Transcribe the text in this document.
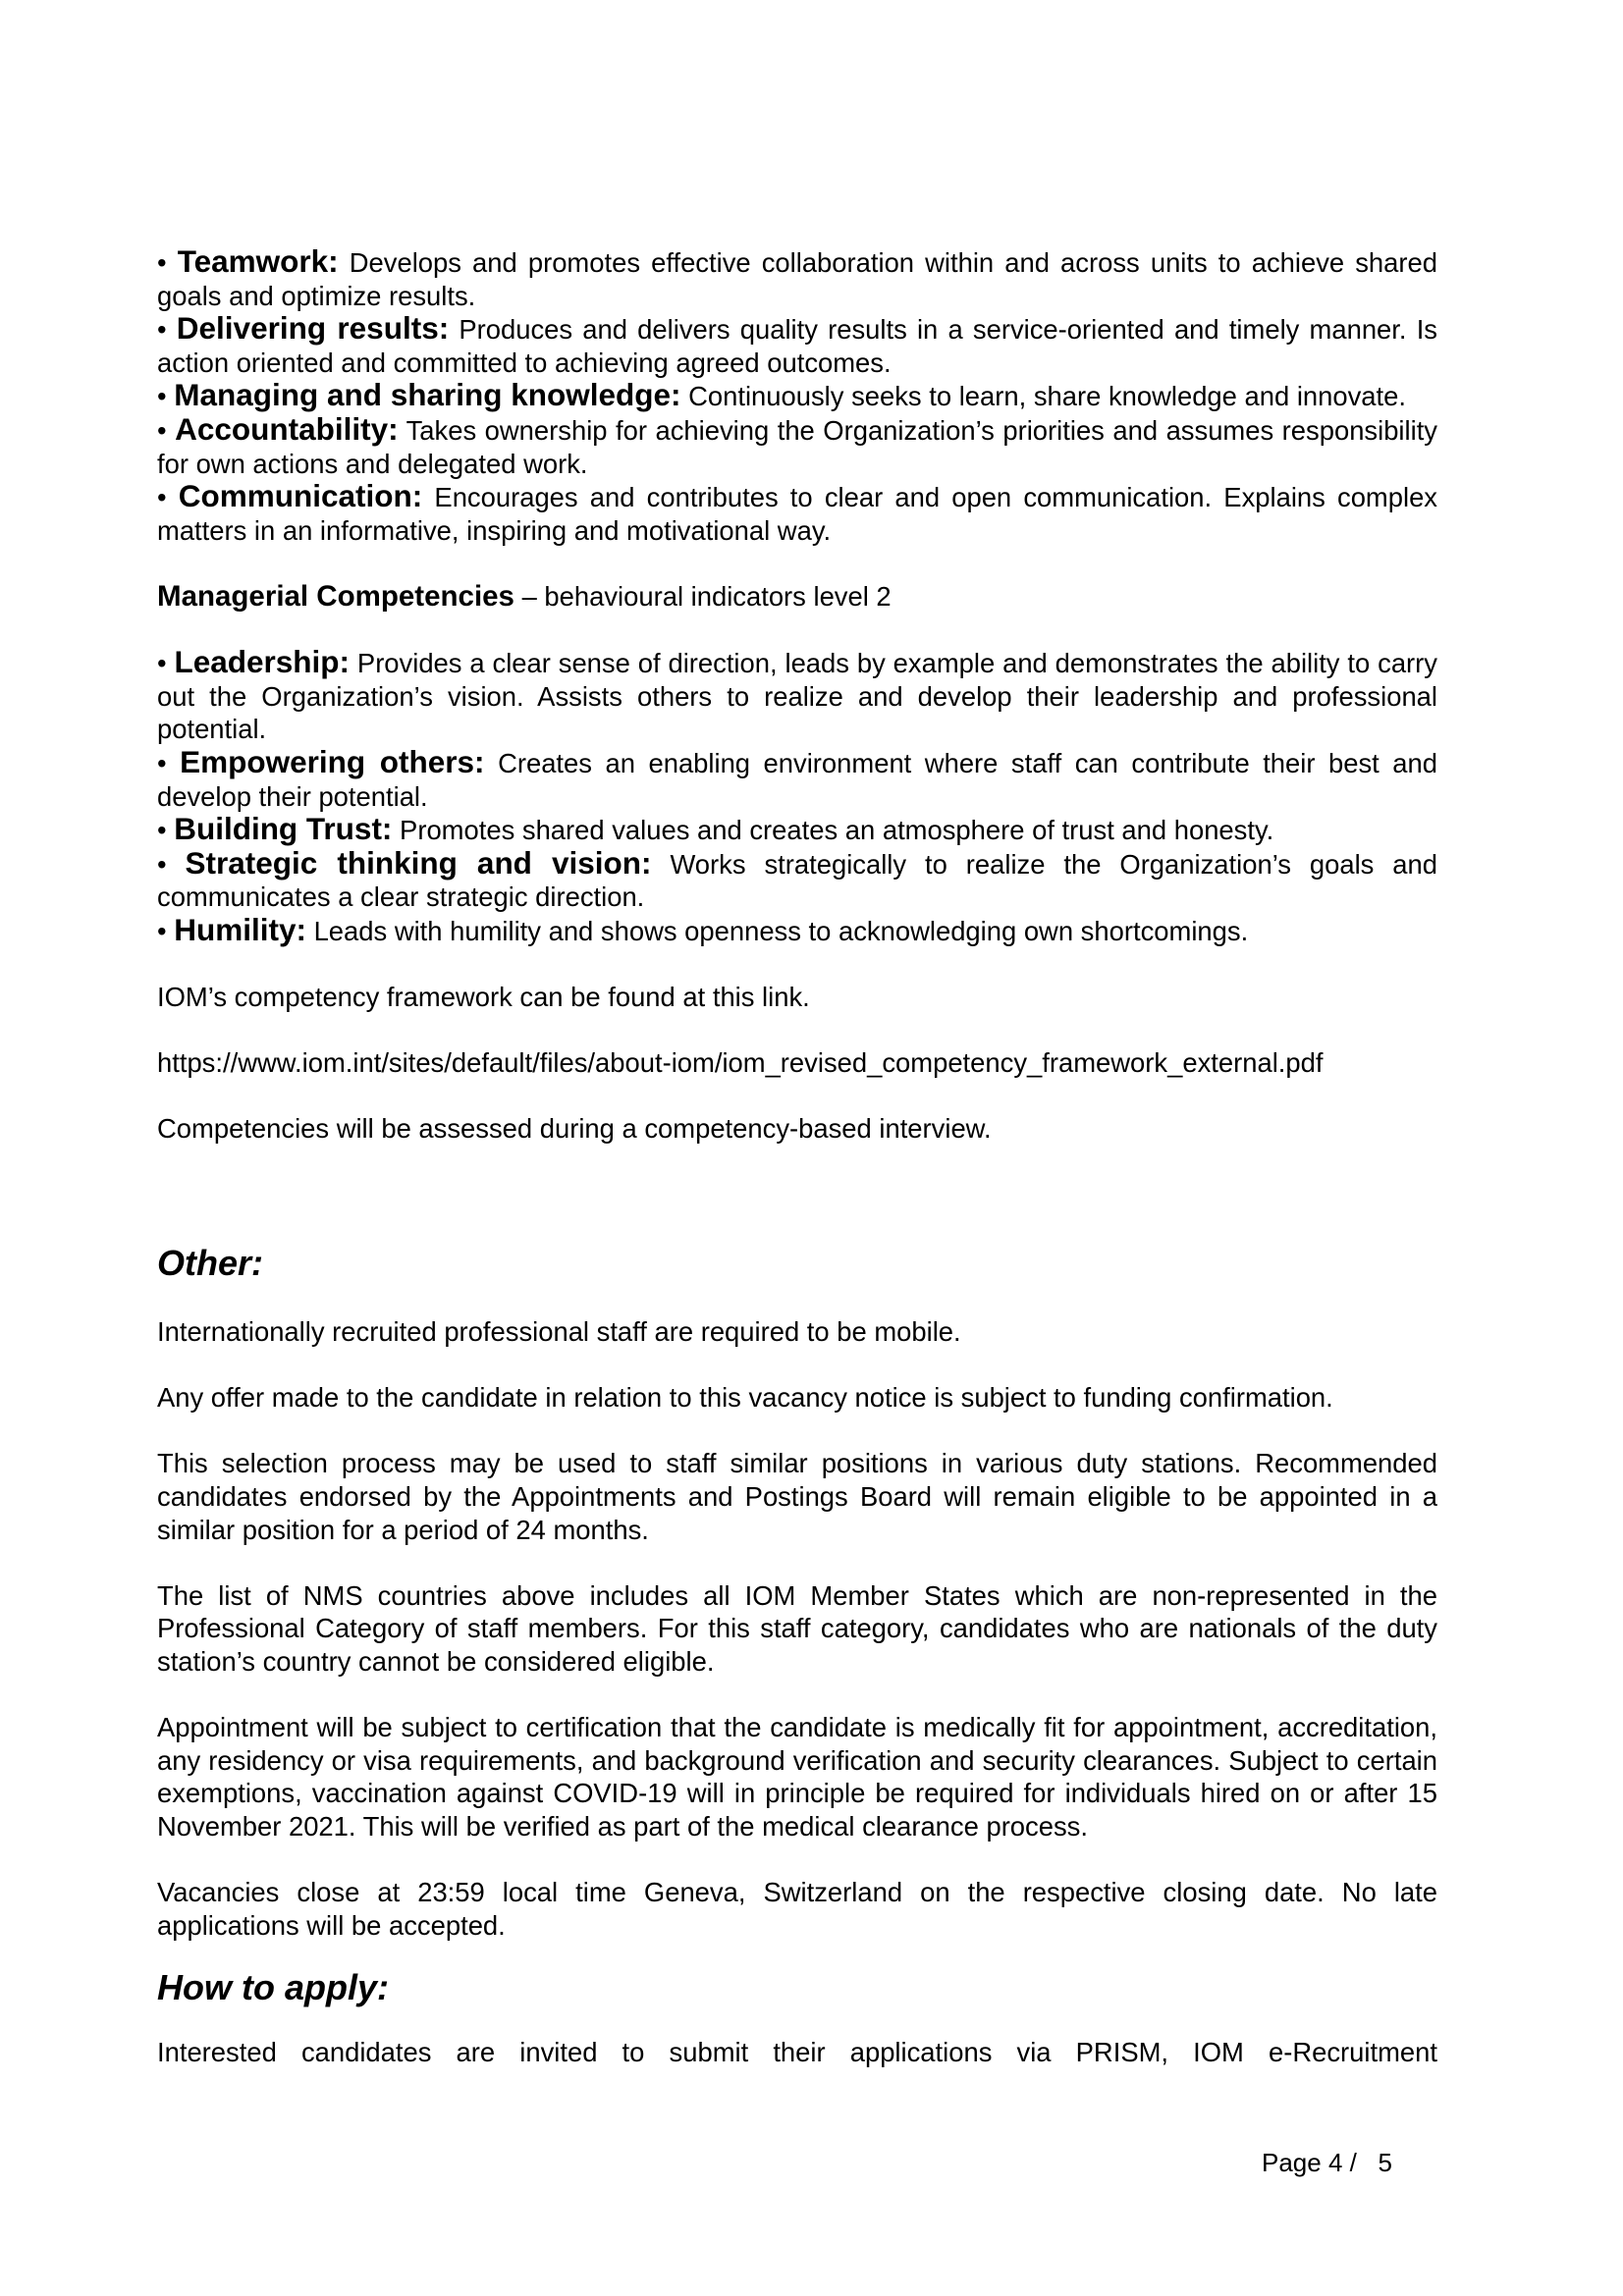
• Teamwork: Develops and promotes effective collaboration within and across units to achieve shared goals and optimize results.

• Delivering results: Produces and delivers quality results in a service-oriented and timely manner. Is action oriented and committed to achieving agreed outcomes.

• Managing and sharing knowledge: Continuously seeks to learn, share knowledge and innovate.

• Accountability: Takes ownership for achieving the Organization’s priorities and assumes responsibility for own actions and delegated work.

• Communication: Encourages and contributes to clear and open communication. Explains complex matters in an informative, inspiring and motivational way.

Managerial Competencies – behavioural indicators level 2

• Leadership: Provides a clear sense of direction, leads by example and demonstrates the ability to carry out the Organization’s vision. Assists others to realize and develop their leadership and professional potential.

• Empowering others: Creates an enabling environment where staff can contribute their best and develop their potential.

• Building Trust: Promotes shared values and creates an atmosphere of trust and honesty.

• Strategic thinking and vision: Works strategically to realize the Organization’s goals and communicates a clear strategic direction.

• Humility: Leads with humility and shows openness to acknowledging own shortcomings.

IOM’s competency framework can be found at this link.

https://www.iom.int/sites/default/files/about-iom/iom_revised_competency_framework_external.pdf

Competencies will be assessed during a competency-based interview.

Other:

Internationally recruited professional staff are required to be mobile.

Any offer made to the candidate in relation to this vacancy notice is subject to funding confirmation.

This selection process may be used to staff similar positions in various duty stations. Recommended candidates endorsed by the Appointments and Postings Board will remain eligible to be appointed in a similar position for a period of 24 months.

The list of NMS countries above includes all IOM Member States which are non-represented in the Professional Category of staff members. For this staff category, candidates who are nationals of the duty station’s country cannot be considered eligible.

Appointment will be subject to certification that the candidate is medically fit for appointment, accreditation, any residency or visa requirements, and background verification and security clearances. Subject to certain exemptions, vaccination against COVID-19 will in principle be required for individuals hired on or after 15 November 2021. This will be verified as part of the medical clearance process.

Vacancies close at 23:59 local time Geneva, Switzerland on the respective closing date. No late applications will be accepted.

How to apply:

Interested candidates are invited to submit their applications via PRISM, IOM e-Recruitment

Page 4 / 5
